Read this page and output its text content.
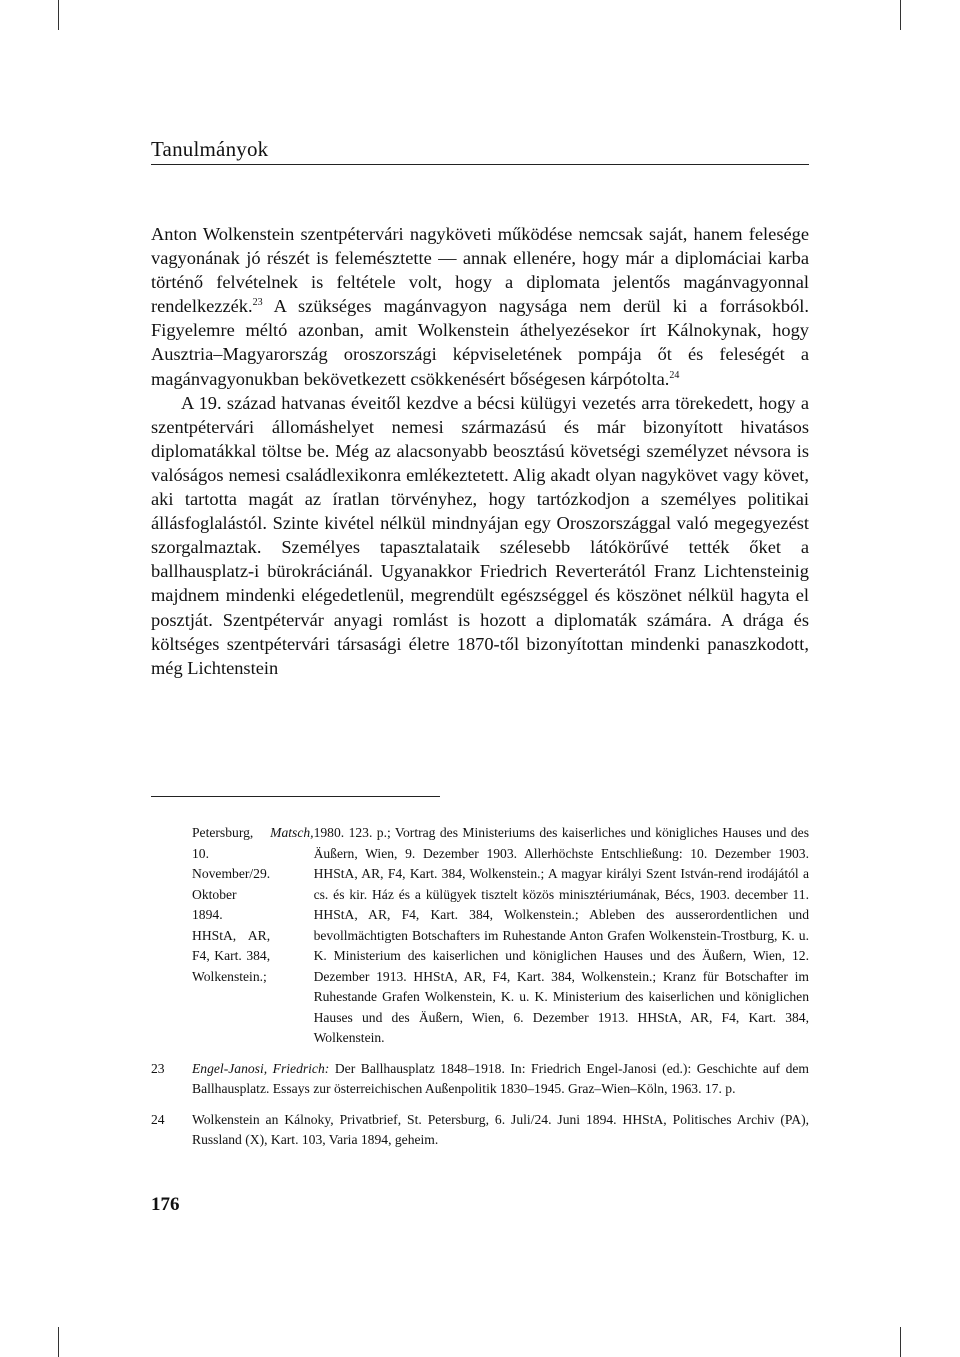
Tanulmányok

Anton Wolkenstein szentpétervári nagyköveti működése nemcsak saját, hanem felesége vagyonának jó részét is felemésztette — annak ellenére, hogy már a diplomáciai karba történő felvételnek is feltétele volt, hogy a diplomata jelentős magánvagyonnal rendelkezzék.$^{23}$ A szükséges magánvagyon nagysága nem derül ki a forrásokból. Figyelemre méltó azonban, amit Wolkenstein áthelyezésekor írt Kálnokynak, hogy Ausztria–Magyarország oroszországi képviseletének pompája őt és feleségét a magánvagyonukban bekövetkezett csökkenésért bőségesen kárpótolta.$^{24}$

A 19. század hatvanas éveitől kezdve a bécsi külügyi vezetés arra törekedett, hogy a szentpétervári állomáshelyet nemesi származású és már bizonyított hivatásos diplomatákkal töltse be. Még az alacsonyabb beosztású követségi személyzet névsora is valóságos nemesi családlexikonra emlékeztetett. Alig akadt olyan nagykövet vagy követ, aki tartotta magát az íratlan törvényhez, hogy tartózkodjon a személyes politikai állásfoglalástól. Szinte kivétel nélkül mindnyájan egy Oroszországgal való megegyezést szorgalmaztak. Személyes tapasztalataik szélesebb látókörűvé tették őket a ballhausplatz-i bürokráciánál. Ugyanakkor Friedrich Reverterától Franz Lichtensteinig majdnem mindenki elégedetlenül, megrendült egészséggel és köszönet nélkül hagyta el posztját. Szentpétervár anyagi romlást is hozott a diplomaták számára. A drága és költséges szentpétervári társasági életre 1870-től bizonyítottan mindenki panaszkodott, még Lichtenstein

Petersburg, 10. November/29. Oktober 1894. HHStA, AR, F4, Kart. 384, Wolkenstein.;
Matsch, 1980. 123. p.; Vortrag des Ministeriums des kaiserliches und königliches Hauses und des Äußern, Wien, 9. Dezember 1903. Allerhöchste Entschließung: 10. Dezember 1903. HHStA, AR, F4, Kart. 384, Wolkenstein.; A magyar királyi Szent István-rend irodájától a cs. és kir. Ház és a külügyek tisztelt közös minisztériumának, Bécs, 1903. december 11. HHStA, AR, F4, Kart. 384, Wolkenstein.; Ableben des ausserordentlichen und bevollmächtigten Botschafters im Ruhestande Anton Grafen Wolkenstein-Trostburg, K. u. K. Ministerium des kaiserlichen und königlichen Hauses und des Äußern, Wien, 12. Dezember 1913. HHStA, AR, F4, Kart. 384, Wolkenstein.; Kranz für Botschafter im Ruhestande Grafen Wolkenstein, K. u. K. Ministerium des kaiserlichen und königlichen Hauses und des Äußern, Wien, 6. Dezember 1913. HHStA, AR, F4, Kart. 384, Wolkenstein.
23	Engel-Janosi, Friedrich: Der Ballhausplatz 1848–1918. In: Friedrich Engel-Janosi (ed.): Geschichte auf dem Ballhausplatz. Essays zur österreichischen Außenpolitik 1830–1945. Graz–Wien–Köln, 1963. 17. p.
24	Wolkenstein an Kálnoky, Privatbrief, St. Petersburg, 6. Juli/24. Juni 1894. HHStA, Politisches Archiv (PA), Russland (X), Kart. 103, Varia 1894, geheim.
176
